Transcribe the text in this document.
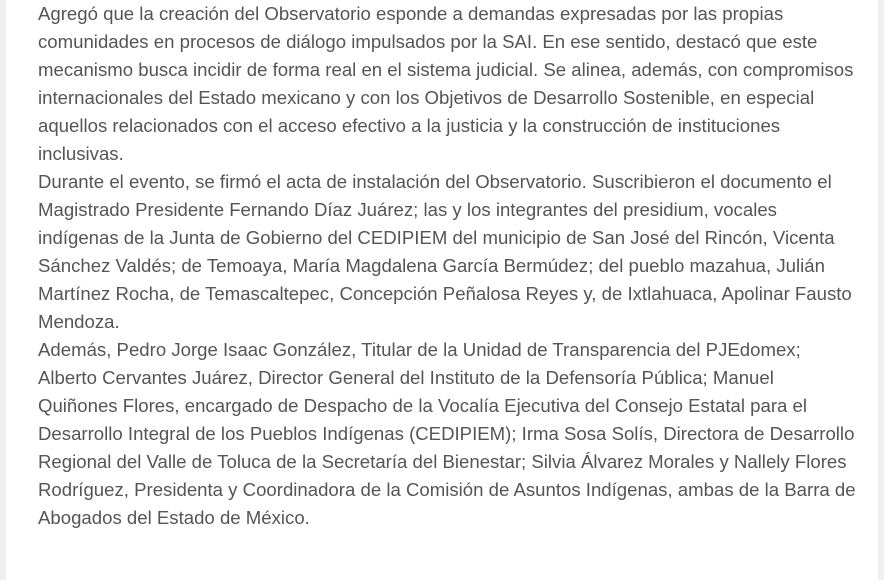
Agregó que la creación del Observatorio esponde a demandas expresadas por las propias comunidades en procesos de diálogo impulsados por la SAI. En ese sentido, destacó que este mecanismo busca incidir de forma real en el sistema judicial. Se alinea, además, con compromisos internacionales del Estado mexicano y con los Objetivos de Desarrollo Sostenible, en especial aquellos relacionados con el acceso efectivo a la justicia y la construcción de instituciones inclusivas.

Durante el evento, se firmó el acta de instalación del Observatorio. Suscribieron el documento el Magistrado Presidente Fernando Díaz Juárez; las y los integrantes del presidium, vocales indígenas de la Junta de Gobierno del CEDIPIEM del municipio de San José del Rincón, Vicenta Sánchez Valdés; de Temoaya, María Magdalena García Bermúdez; del pueblo mazahua, Julián Martínez Rocha, de Temascaltepec, Concepción Peñalosa Reyes y, de Ixtlahuaca, Apolinar Fausto Mendoza.

Además, Pedro Jorge Isaac González, Titular de la Unidad de Transparencia del PJEdomex; Alberto Cervantes Juárez, Director General del Instituto de la Defensoría Pública; Manuel Quiñones Flores, encargado de Despacho de la Vocalía Ejecutiva del Consejo Estatal para el Desarrollo Integral de los Pueblos Indígenas (CEDIPIEM); Irma Sosa Solís, Directora de Desarrollo Regional del Valle de Toluca de la Secretaría del Bienestar; Silvia Álvarez Morales y Nallely Flores Rodríguez, Presidenta y Coordinadora de la Comisión de Asuntos Indígenas, ambas de la Barra de Abogados del Estado de México.
